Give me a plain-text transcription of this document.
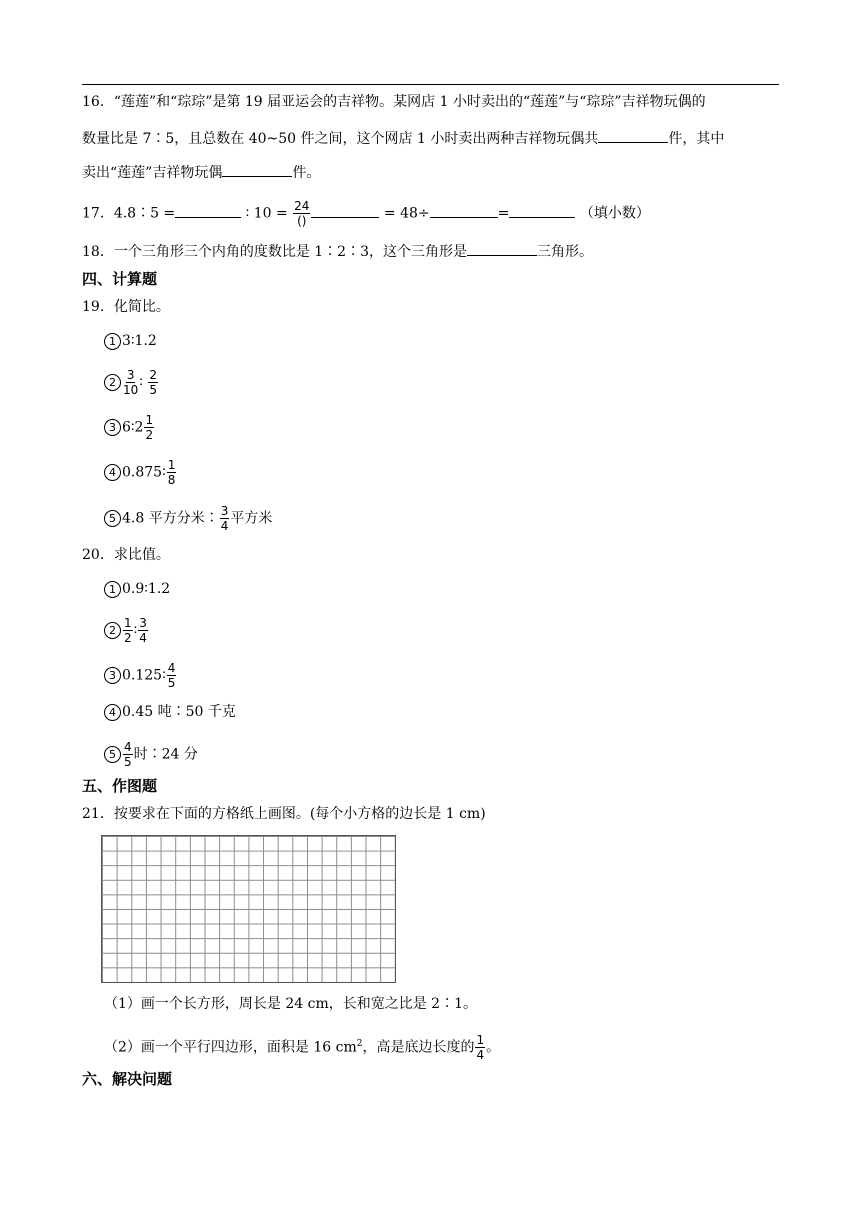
16．“莲莲”和“琮琮”是第 19 届亚运会的吉祥物。某网店 1 小时卖出的“莲莲”与“琮琮”吉祥物玩偶的
数量比是 7∶5，且总数在 40~50 件之间，这个网店 1 小时卖出两种吉祥物玩偶共	件，其中
卖出“莲莲”吉祥物玩偶	件。
17．4.8∶5 =	∶ $10 = \frac{24}{()}$	= 48÷	=	（填小数）
18．一个三角形三个内角的度数比是 1∶2∶3，这个三角形是	三角形。
四、计算题
19．化简比。
1 3∶1.2
$2 \frac{3}{10}$ ∶ $\frac{2}{5}$
3 6∶2 $\frac{1}{2}$
4 0.875∶ $\frac{1}{8}$
5 4.8 平方分米∶ $\frac{3}{4}$ 平方米
20．求比值。
1 0.9∶1.2
$2 \frac{1}{2}$ ∶ $\frac{3}{4}$
3 0.125∶ $\frac{4}{5}$
4 0.45 吨∶50 千克
$5 \frac{4}{5}$ 时∶24 分
五、作图题
21．按要求在下面的方格纸上画图。(每个小方格的边长是 1 cm)
（1）画一个长方形，周长是 24 cm，长和宽之比是 2∶1。
（2）画一个平行四边形，面积是 16 $cm^2$，高是底边长度的 $\frac{1}{4}$ 。
六、解决问题
